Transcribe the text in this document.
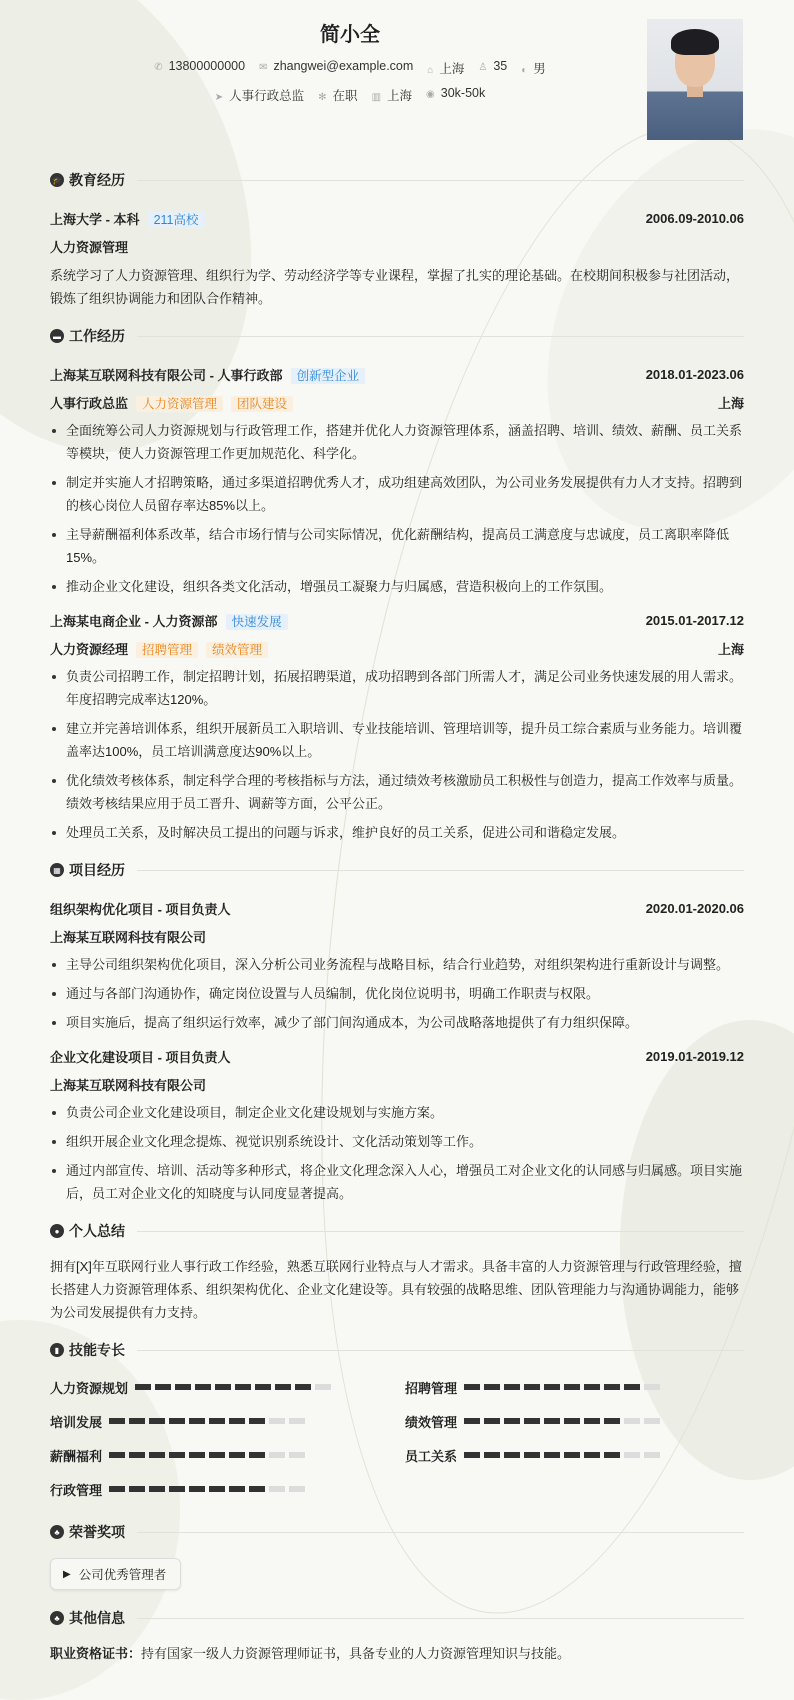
简小全
✆ 13800000000 ✉ zhangwei@example.com ⌂ 上海 ♙ 35 ◐ 男
➤ 人事行政总监 ✻ 在职 ▥ 上海 ◉ 30k-50k
🎓 教育经历
上海大学 - 本科 211高校	2006.09-2010.06
人力资源管理

系统学习了人力资源管理、组织行为学、劳动经济学等专业课程，掌握了扎实的理论基础。在校期间积极参与社团活动，锻炼了组织协调能力和团队合作精神。

▬ 工作经历
上海某互联网科技有限公司 - 人事行政部 创新型企业	2018.01-2023.06
人事行政总监 人力资源管理 团队建设	上海
全面统筹公司人力资源规划与行政管理工作，搭建并优化人力资源管理体系，涵盖招聘、培训、绩效、薪酬、员工关系等模块，使人力资源管理工作更加规范化、科学化。
制定并实施人才招聘策略，通过多渠道招聘优秀人才，成功组建高效团队，为公司业务发展提供有力人才支持。招聘到的核心岗位人员留存率达85%以上。
主导薪酬福利体系改革，结合市场行情与公司实际情况，优化薪酬结构，提高员工满意度与忠诚度，员工离职率降低15%。
推动企业文化建设，组织各类文化活动，增强员工凝聚力与归属感，营造积极向上的工作氛围。
上海某电商企业 - 人力资源部 快速发展	2015.01-2017.12
人力资源经理 招聘管理 绩效管理	上海
负责公司招聘工作，制定招聘计划，拓展招聘渠道，成功招聘到各部门所需人才，满足公司业务快速发展的用人需求。年度招聘完成率达120%。
建立并完善培训体系，组织开展新员工入职培训、专业技能培训、管理培训等，提升员工综合素质与业务能力。培训覆盖率达100%，员工培训满意度达90%以上。
优化绩效考核体系，制定科学合理的考核指标与方法，通过绩效考核激励员工积极性与创造力，提高工作效率与质量。绩效考核结果应用于员工晋升、调薪等方面，公平公正。
处理员工关系，及时解决员工提出的问题与诉求，维护良好的员工关系，促进公司和谐稳定发展。
▦ 项目经历
组织架构优化项目 - 项目负责人	2020.01-2020.06
上海某互联网科技有限公司
主导公司组织架构优化项目，深入分析公司业务流程与战略目标，结合行业趋势，对组织架构进行重新设计与调整。
通过与各部门沟通协作，确定岗位设置与人员编制，优化岗位说明书，明确工作职责与权限。
项目实施后，提高了组织运行效率，减少了部门间沟通成本，为公司战略落地提供了有力组织保障。
企业文化建设项目 - 项目负责人	2019.01-2019.12
上海某互联网科技有限公司
负责公司企业文化建设项目，制定企业文化建设规划与实施方案。
组织开展企业文化理念提炼、视觉识别系统设计、文化活动策划等工作。
通过内部宣传、培训、活动等多种形式，将企业文化理念深入人心，增强员工对企业文化的认同感与归属感。项目实施后，员工对企业文化的知晓度与认同度显著提高。
● 个人总结

拥有[X]年互联网行业人事行政工作经验，熟悉互联网行业特点与人才需求。具备丰富的人力资源管理与行政管理经验，擅长搭建人力资源管理体系、组织架构优化、企业文化建设等。具有较强的战略思维、团队管理能力与沟通协调能力，能够为公司发展提供有力支持。

▮ 技能专长
人力资源规划	招聘管理
培训发展	绩效管理
薪酬福利	员工关系
行政管理
♣ 荣誉奖项
▶ 公司优秀管理者
♣ 其他信息

职业资格证书：持有国家一级人力资源管理师证书，具备专业的人力资源管理知识与技能。
